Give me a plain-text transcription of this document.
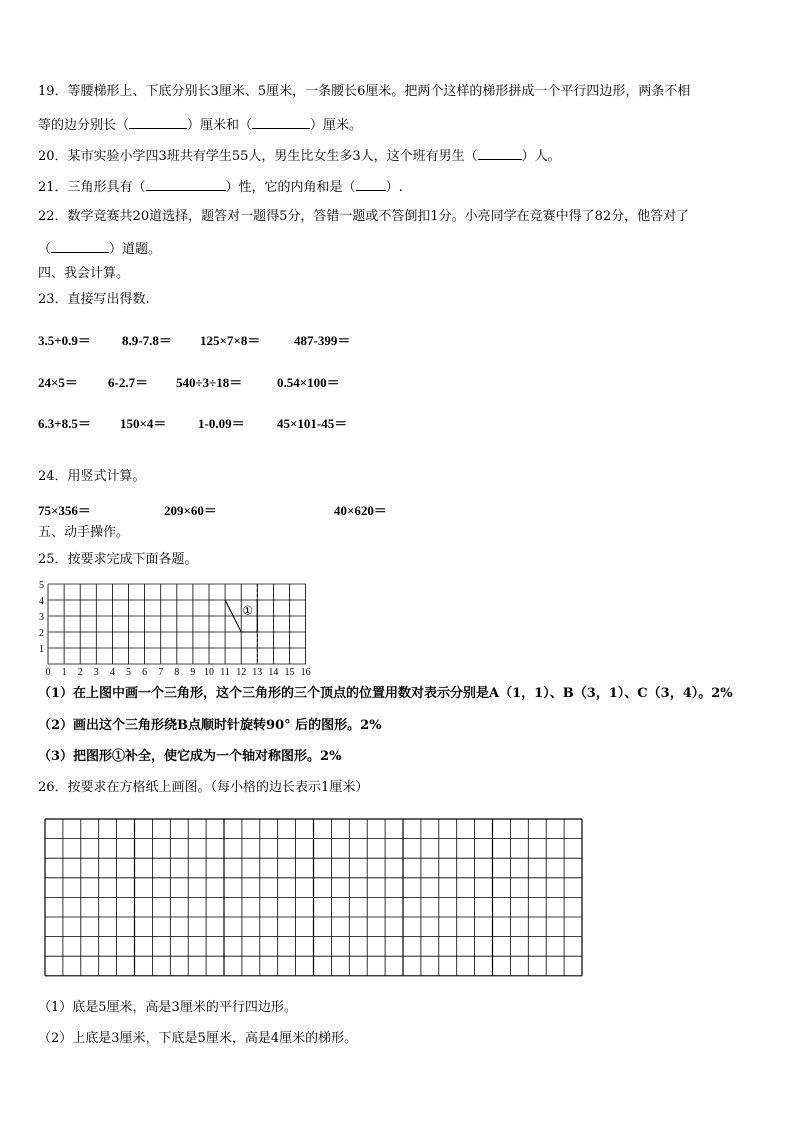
19．等腰梯形上、下底分别长3厘米、5厘米，一条腰长6厘米。把两个这样的梯形拼成一个平行四边形，两条不相
等的边分别长（	）厘米和（	）厘米。
20．某市实验小学四3班共有学生55人，男生比女生多3人，这个班有男生（	）人。
21．三角形具有（	）性，它的内角和是（ ）.
22．数学竞赛共20道选择，题答对一题得5分，答错一题或不答倒扣1分。小亮同学在竞赛中得了82分，他答对了
（	）道题。
四、我会计算。
23．直接写出得数.
3.5+0.9＝ 8.9-7.8＝ 125×7×8＝	487-399＝
24×5＝ 6-2.7＝ 540÷3÷18＝	0.54×100＝
6.3+8.5＝ 150×4＝ 1-0.09＝ 45×101-45＝
24．用竖式计算。
75×356＝	209×60＝	40×620＝
五、动手操作。
25．按要求完成下面各题。
0 1 2 3 4 5 6 7 8 9 10 11 12 13 14 15 16
1
2
3
4
5
①
（1）在上图中画一个三角形，这个三角形的三个顶点的位置用数对表示分别是A（1，1）、B（3，1）、C（3，4）。2%
（2）画出这个三角形绕B点顺时针旋转90° 后的图形。2%
（3）把图形①补全，使它成为一个轴对称图形。2%
26．按要求在方格纸上画图。（每小格的边长表示1厘米）
（1）底是5厘米，高是3厘米的平行四边形。
（2）上底是3厘米，下底是5厘米，高是4厘米的梯形。
